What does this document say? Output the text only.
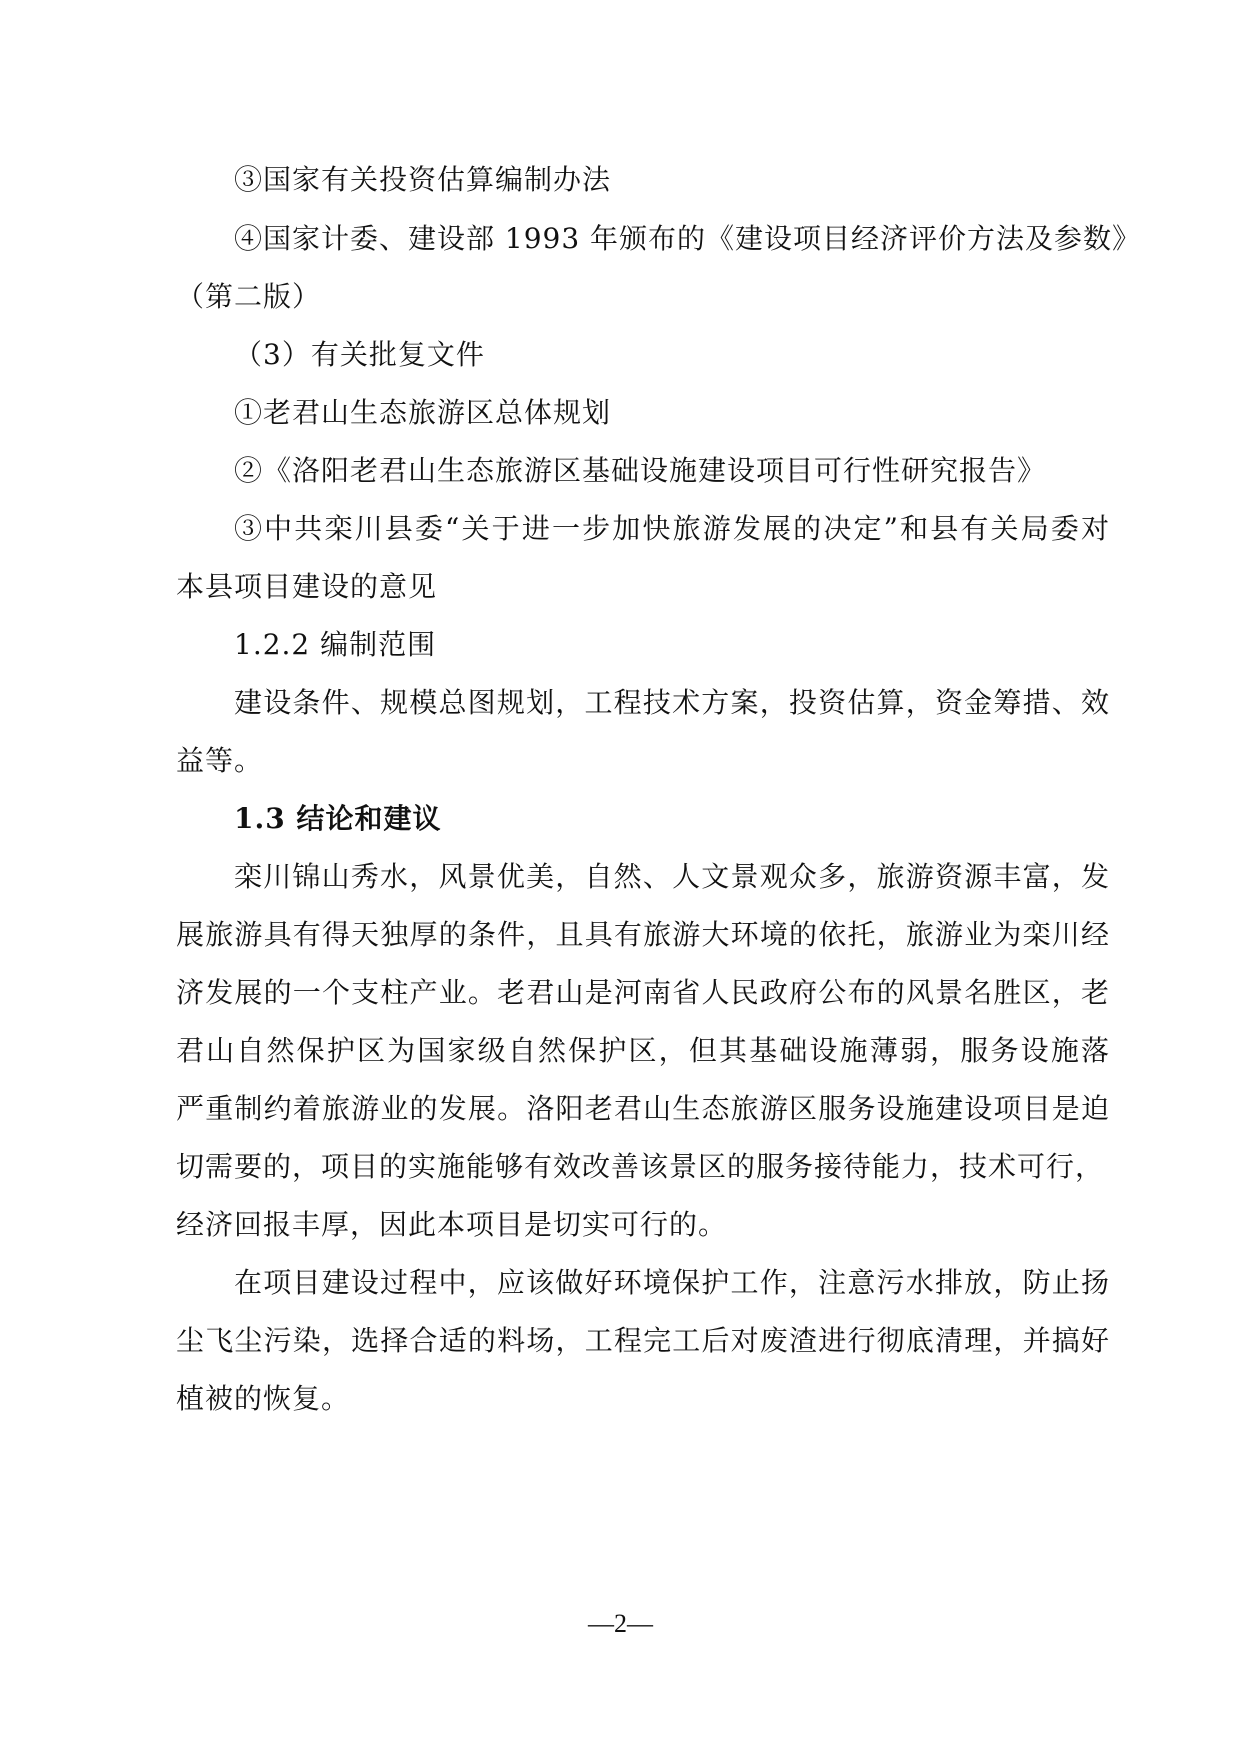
③国家有关投资估算编制办法
④国家计委、建设部 1993 年颁布的《建设项目经济评价方法及参数》
（第二版）
（3）有关批复文件
①老君山生态旅游区总体规划
②《洛阳老君山生态旅游区基础设施建设项目可行性研究报告》
③中共栾川县委“关于进一步加快旅游发展的决定”和县有关局委对
本县项目建设的意见
1.2.2 编制范围
建设条件、规模总图规划，工程技术方案，投资估算，资金筹措、效
益等。
1.3 结论和建议
栾川锦山秀水，风景优美，自然、人文景观众多，旅游资源丰富，发
展旅游具有得天独厚的条件，且具有旅游大环境的依托，旅游业为栾川经
济发展的一个支柱产业。老君山是河南省人民政府公布的风景名胜区，老
君山自然保护区为国家级自然保护区，但其基础设施薄弱，服务设施落
严重制约着旅游业的发展。洛阳老君山生态旅游区服务设施建设项目是迫
切需要的，项目的实施能够有效改善该景区的服务接待能力，技术可行，
经济回报丰厚，因此本项目是切实可行的。
在项目建设过程中，应该做好环境保护工作，注意污水排放，防止扬
尘飞尘污染，选择合适的料场，工程完工后对废渣进行彻底清理，并搞好
植被的恢复。
—2—
